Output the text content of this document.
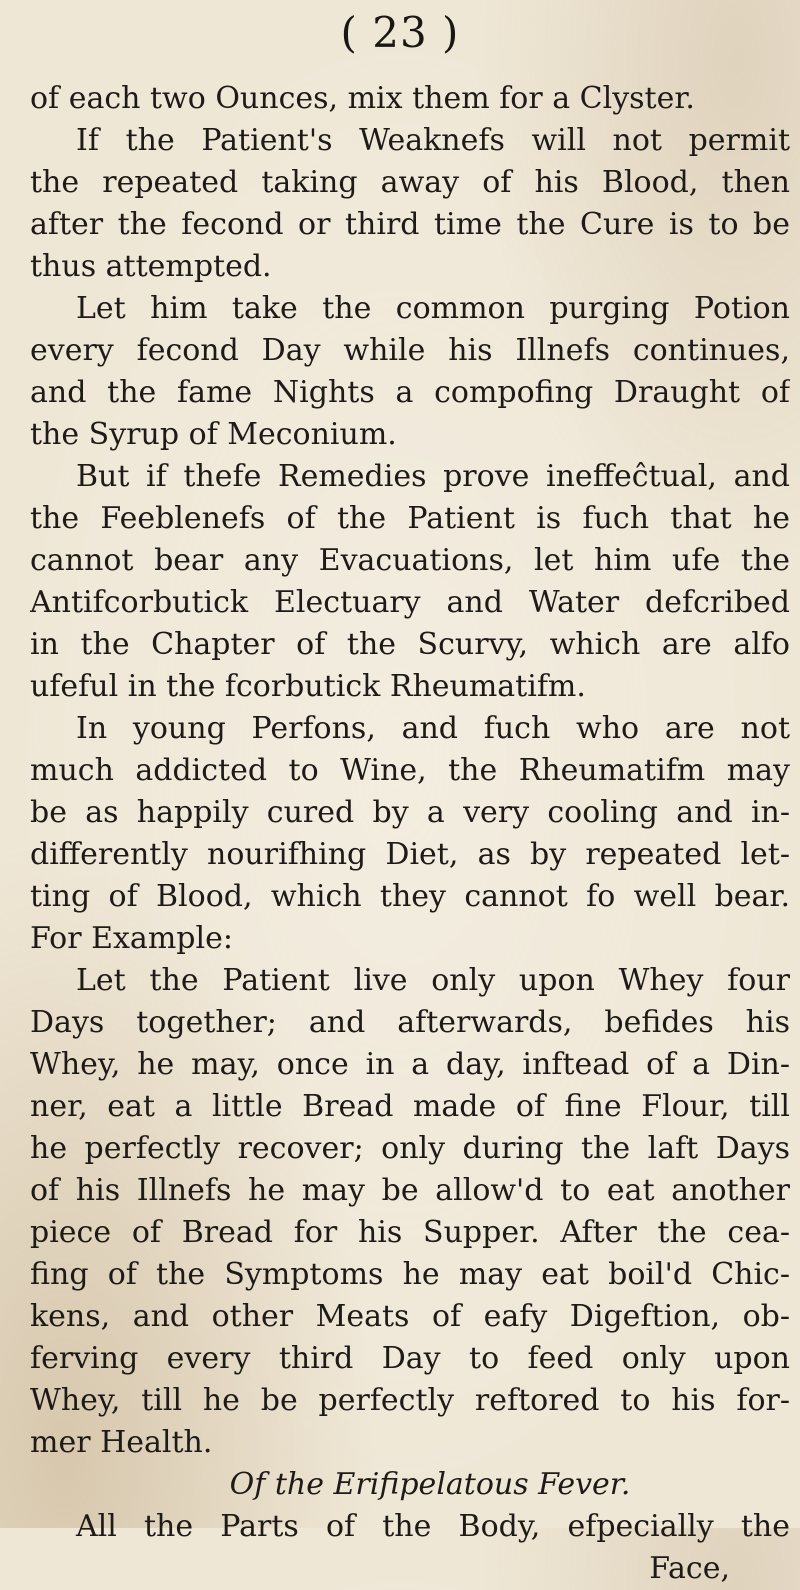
( 23 )
of each two Ounces, mix them for a Clyster.
If the Patient's Weaknefs will not permit
the repeated taking away of his Blood, then
after the fecond or third time the Cure is to be
thus attempted.
Let him take the common purging Potion
every fecond Day while his Illnefs continues,
and the fame Nights a compofing Draught of
the Syrup of Meconium.
But if thefe Remedies prove ineffeĉtual, and
the Feeblenefs of the Patient is fuch that he
cannot bear any Evacuations, let him ufe the
Antifcorbutick Electuary and Water defcribed
in the Chapter of the Scurvy, which are alfo
ufeful in the fcorbutick Rheumatifm.
In young Perfons, and fuch who are not
much addicted to Wine, the Rheumatifm may
be as happily cured by a very cooling and in-
differently nourifhing Diet, as by repeated let-
ting of Blood, which they cannot fo well bear.
For Example:
Let the Patient live only upon Whey four
Days together; and afterwards, befides his
Whey, he may, once in a day, inftead of a Din-
ner, eat a little Bread made of fine Flour, till
he perfectly recover; only during the laft Days
of his Illnefs he may be allow'd to eat another
piece of Bread for his Supper. After the cea-
fing of the Symptoms he may eat boil'd Chic-
kens, and other Meats of eafy Digeftion, ob-
ferving every third Day to feed only upon
Whey, till he be perfectly reftored to his for-
mer Health.
Of the Erifipelatous Fever.
All the Parts of the Body, efpecially the
Face,
